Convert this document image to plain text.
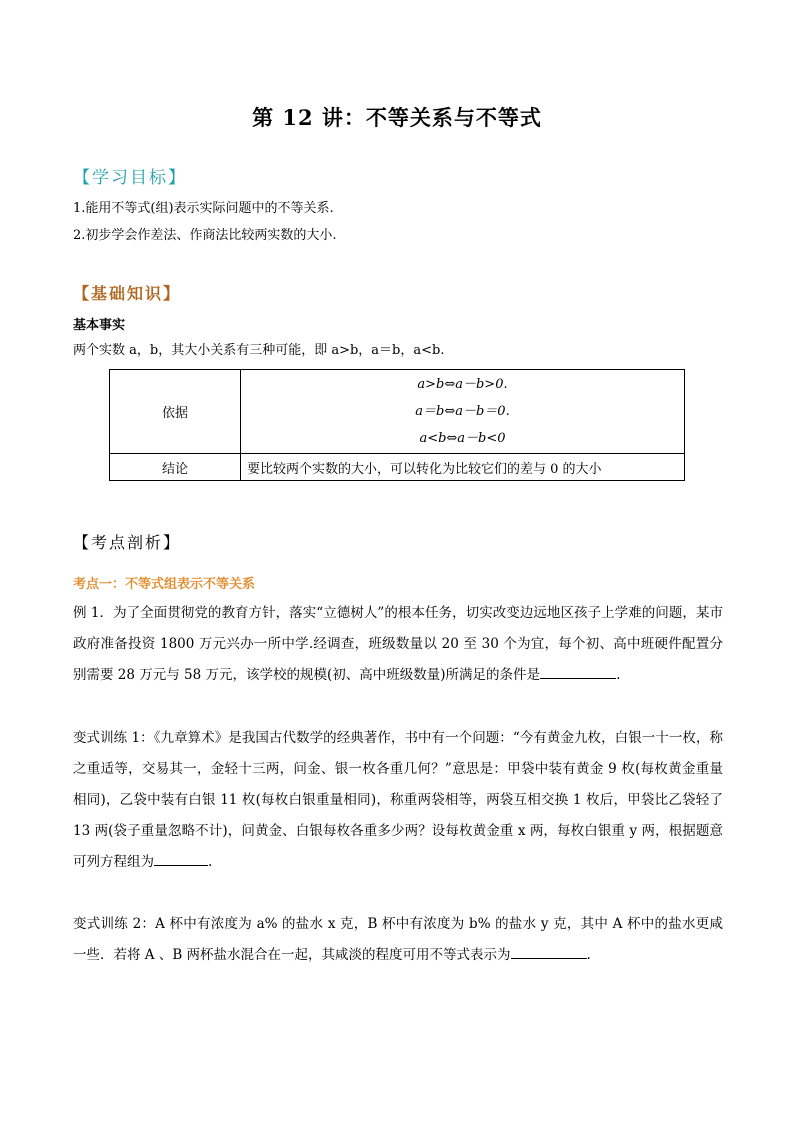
第 12 讲：不等关系与不等式
【学习目标】
1.能用不等式(组)表示实际问题中的不等关系.
2.初步学会作差法、作商法比较两实数的大小.
【基础知识】
基本事实
两个实数 a，b，其大小关系有三种可能，即 a>b，a＝b，a<b.
依据	a>b⇔a－b>0.
a＝b⇔a－b＝0.
a<b⇔a－b<0

结论	要比较两个实数的大小，可以转化为比较它们的差与 0 的大小
【考点剖析】
考点一：不等式组表示不等关系

例 1．为了全面贯彻党的教育方针，落实“立德树人”的根本任务，切实改变边远地区孩子上学难的问题，某市政府准备投资 1800 万元兴办一所中学.经调查，班级数量以 20 至 30 个为宜，每个初、高中班硬件配置分别需要 28 万元与 58 万元，该学校的规模(初、高中班级数量)所满足的条件是	.

变式训练 1：《九章算术》是我国古代数学的经典著作，书中有一个问题：“今有黄金九枚，白银一十一枚，称之重适等，交易其一，金轻十三两，问金、银一枚各重几何？”意思是：甲袋中装有黄金 9 枚(每枚黄金重量相同)，乙袋中装有白银 11 枚(每枚白银重量相同)，称重两袋相等，两袋互相交换 1 枚后，甲袋比乙袋轻了 13 两(袋子重量忽略不计)，问黄金、白银每枚各重多少两？设每枚黄金重 x 两，每枚白银重 y 两，根据题意可列方程组为	.

变式训练 2：A 杯中有浓度为 a% 的盐水 x 克，B 杯中有浓度为 b% 的盐水 y 克，其中 A 杯中的盐水更咸一些．若将 A 、B 两杯盐水混合在一起，其咸淡的程度可用不等式表示为	.
